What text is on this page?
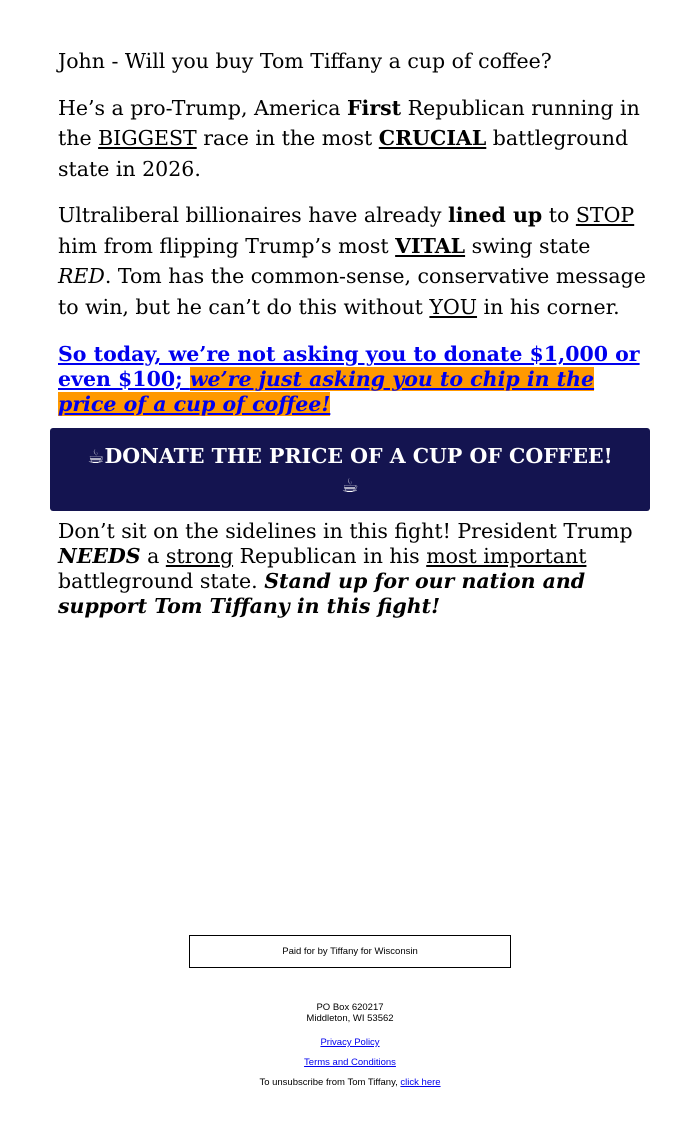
John - Will you buy Tom Tiffany a cup of coffee?

He’s a pro-Trump, America First Republican running in the BIGGEST race in the most CRUCIAL battleground state in 2026.

Ultraliberal billionaires have already lined up to STOP him from flipping Trump’s most VITAL swing state RED. Tom has the common-sense, conservative message to win, but he can’t do this without YOU in his corner.

So today, we’re not asking you to donate $1,000 or even $100; we’re just asking you to chip in the price of a cup of coffee!
☕DONATE THE PRICE OF A CUP OF COFFEE!
☕

Don’t sit on the sidelines in this fight! President Trump NEEDS a strong Republican in his most important battleground state. Stand up for our nation and support Tom Tiffany in this fight!

Paid for by Tiffany for Wisconsin
PO Box 620217
Middleton, WI 53562
Privacy Policy
Terms and Conditions
To unsubscribe from Tom Tiffany, click here
